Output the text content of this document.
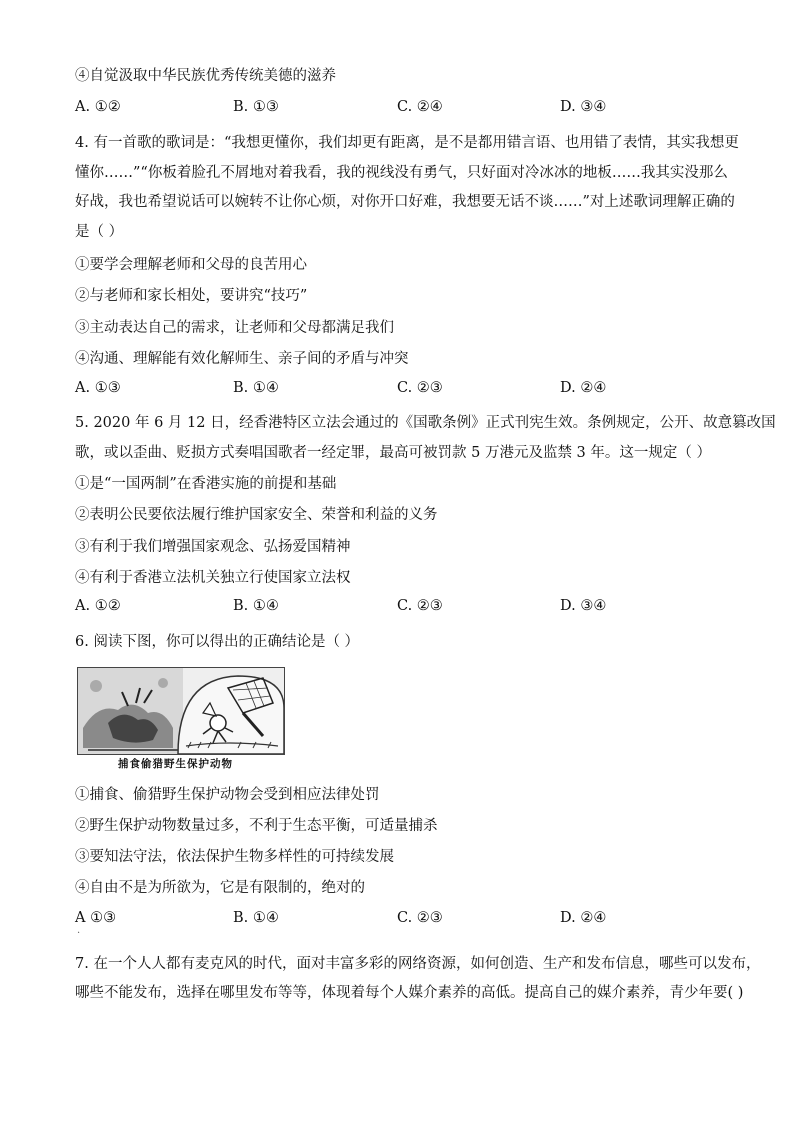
④自觉汲取中华民族优秀传统美德的滋养
A. ①②	B. ①③	C. ②④	D. ③④
4. 有一首歌的歌词是：“我想更懂你，我们却更有距离，是不是都用错言语、也用错了表情，其实我想更
懂你……”“你板着脸孔不屑地对着我看，我的视线没有勇气，只好面对冷冰冰的地板……我其实没那么
好战，我也希望说话可以婉转不让你心烦，对你开口好难，我想要无话不谈……”对上述歌词理解正确的
是（ ）
①要学会理解老师和父母的良苦用心
②与老师和家长相处，要讲究“技巧”
③主动表达自己的需求，让老师和父母都满足我们
④沟通、理解能有效化解师生、亲子间的矛盾与冲突
A. ①③	B. ①④	C. ②③	D. ②④
5. 2020 年 6 月 12 日，经香港特区立法会通过的《国歌条例》正式刊宪生效。条例规定，公开、故意篡改国
歌，或以歪曲、贬损方式奏唱国歌者一经定罪，最高可被罚款 5 万港元及监禁 3 年。这一规定（ ）
①是“一国两制”在香港实施的前提和基础
②表明公民要依法履行维护国家安全、荣誉和利益的义务
③有利于我们增强国家观念、弘扬爱国精神
④有利于香港立法机关独立行使国家立法权
A. ①②	B. ①④	C. ②③	D. ③④
6. 阅读下图，你可以得出的正确结论是（ ）
捕食偷猎野生保护动物
①捕食、偷猎野生保护动物会受到相应法律处罚
②野生保护动物数量过多，不利于生态平衡，可适量捕杀
③要知法守法，依法保护生物多样性的可持续发展
④自由不是为所欲为，它是有限制的，绝对的
A ①③	B. ①④	C. ②③	D. ②④
·
7. 在一个人人都有麦克风的时代，面对丰富多彩的网络资源，如何创造、生产和发布信息，哪些可以发布，
哪些不能发布，选择在哪里发布等等，体现着每个人媒介素养的高低。提高自己的媒介素养，青少年要( )
